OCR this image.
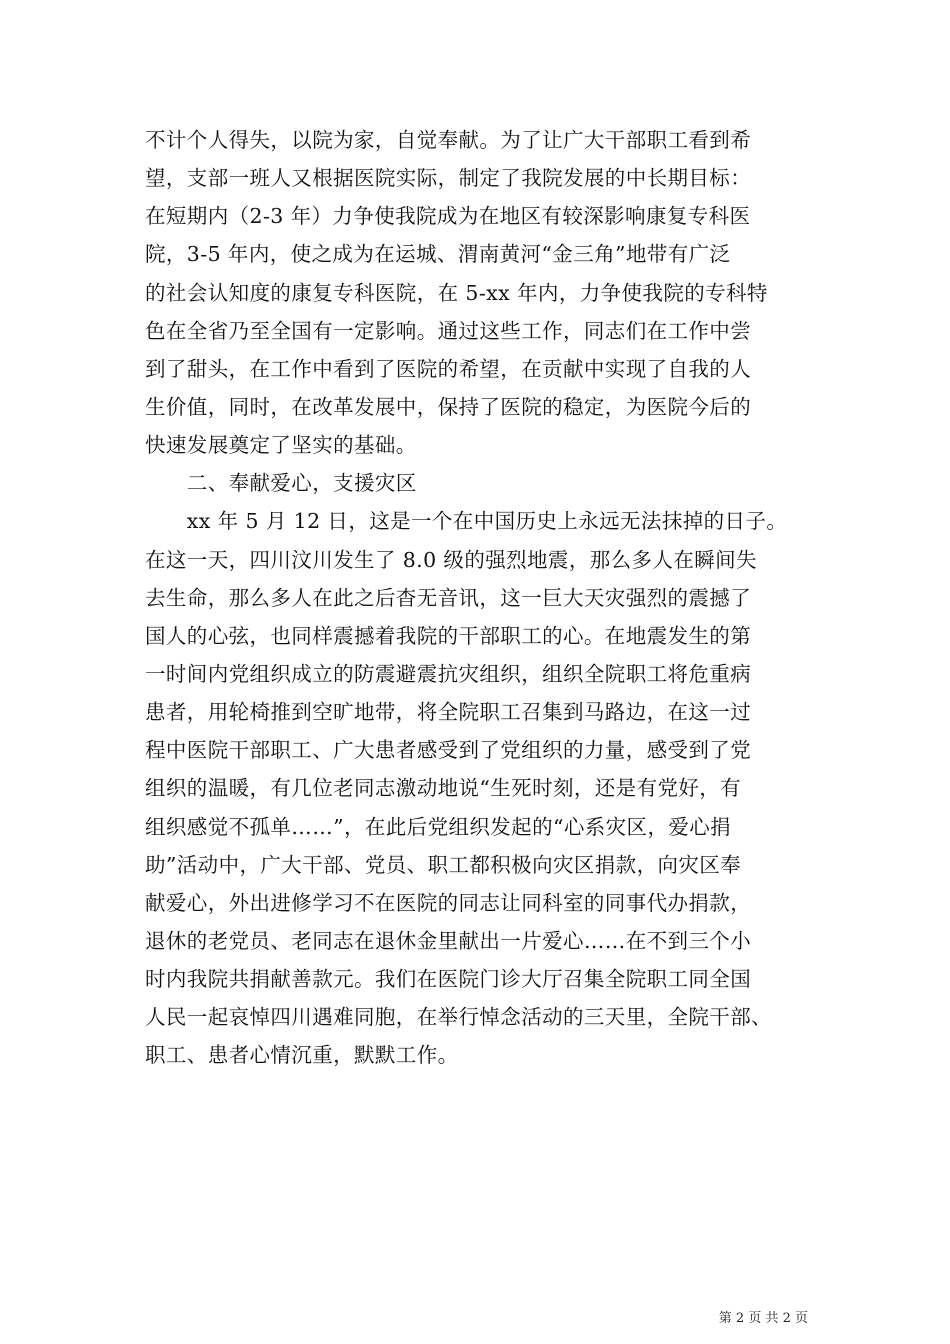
不计个人得失，以院为家，自觉奉献。为了让广大干部职工看到希
望，支部一班人又根据医院实际，制定了我院发展的中长期目标：
在短期内（2-3 年）力争使我院成为在地区有较深影响康复专科医
院，3-5 年内，使之成为在运城、渭南黄河“金三角”地带有广泛
的社会认知度的康复专科医院，在 5-xx 年内，力争使我院的专科特
色在全省乃至全国有一定影响。通过这些工作，同志们在工作中尝
到了甜头，在工作中看到了医院的希望，在贡献中实现了自我的人
生价值，同时，在改革发展中，保持了医院的稳定，为医院今后的
快速发展奠定了坚实的基础。
　　二、奉献爱心，支援灾区
　　xx 年 5 月 12 日，这是一个在中国历史上永远无法抹掉的日子。
在这一天，四川汶川发生了 8.0 级的强烈地震，那么多人在瞬间失
去生命，那么多人在此之后杳无音讯，这一巨大天灾强烈的震撼了
国人的心弦，也同样震撼着我院的干部职工的心。在地震发生的第
一时间内党组织成立的防震避震抗灾组织，组织全院职工将危重病
患者，用轮椅推到空旷地带，将全院职工召集到马路边，在这一过
程中医院干部职工、广大患者感受到了党组织的力量，感受到了党
组织的温暖，有几位老同志激动地说“生死时刻，还是有党好，有
组织感觉不孤单……”，在此后党组织发起的“心系灾区，爱心捐
助”活动中，广大干部、党员、职工都积极向灾区捐款，向灾区奉
献爱心，外出进修学习不在医院的同志让同科室的同事代办捐款，
退休的老党员、老同志在退休金里献出一片爱心……在不到三个小
时内我院共捐献善款元。我们在医院门诊大厅召集全院职工同全国
人民一起哀悼四川遇难同胞，在举行悼念活动的三天里，全院干部、
职工、患者心情沉重，默默工作。
第 2 页 共 2 页
